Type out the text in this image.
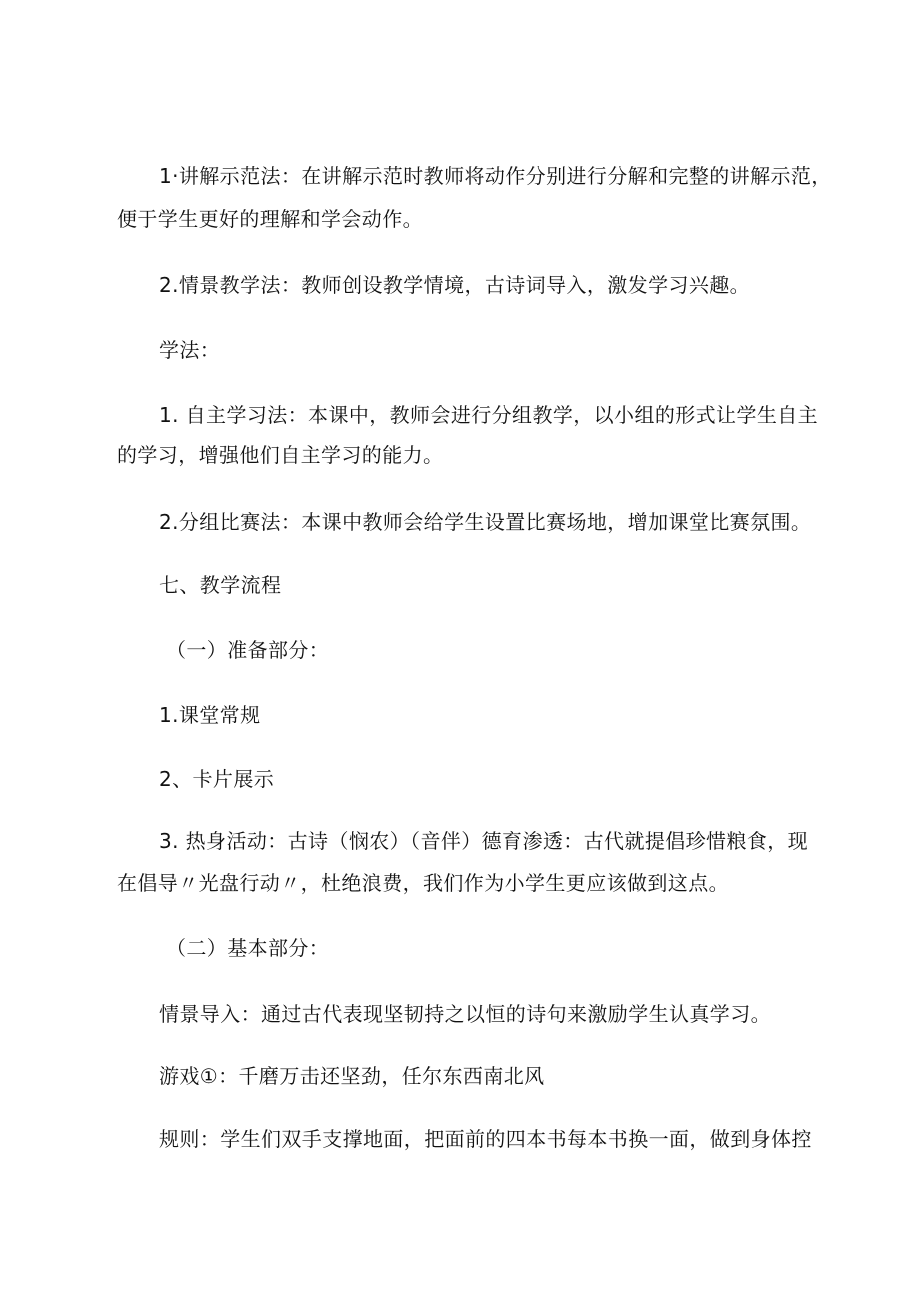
1·讲解示范法：在讲解示范时教师将动作分别进行分解和完整的讲解示范，
便于学生更好的理解和学会动作。
2.情景教学法：教师创设教学情境，古诗词导入，激发学习兴趣。
学法：
1. 自主学习法：本课中，教师会进行分组教学，以小组的形式让学生自主
的学习，增强他们自主学习的能力。
2.分组比赛法：本课中教师会给学生设置比赛场地，增加课堂比赛氛围。
七、教学流程
（一）准备部分：
1.课堂常规
2、卡片展示
3. 热身活动：古诗（悯农）（音伴）德育渗透：古代就提倡珍惜粮食，现
在倡导〃光盘行动〃，杜绝浪费，我们作为小学生更应该做到这点。
（二）基本部分：
情景导入：通过古代表现坚韧持之以恒的诗句来激励学生认真学习。
游戏①：千磨万击还坚劲，任尔东西南北风
规则：学生们双手支撑地面，把面前的四本书每本书换一面，做到身体控
